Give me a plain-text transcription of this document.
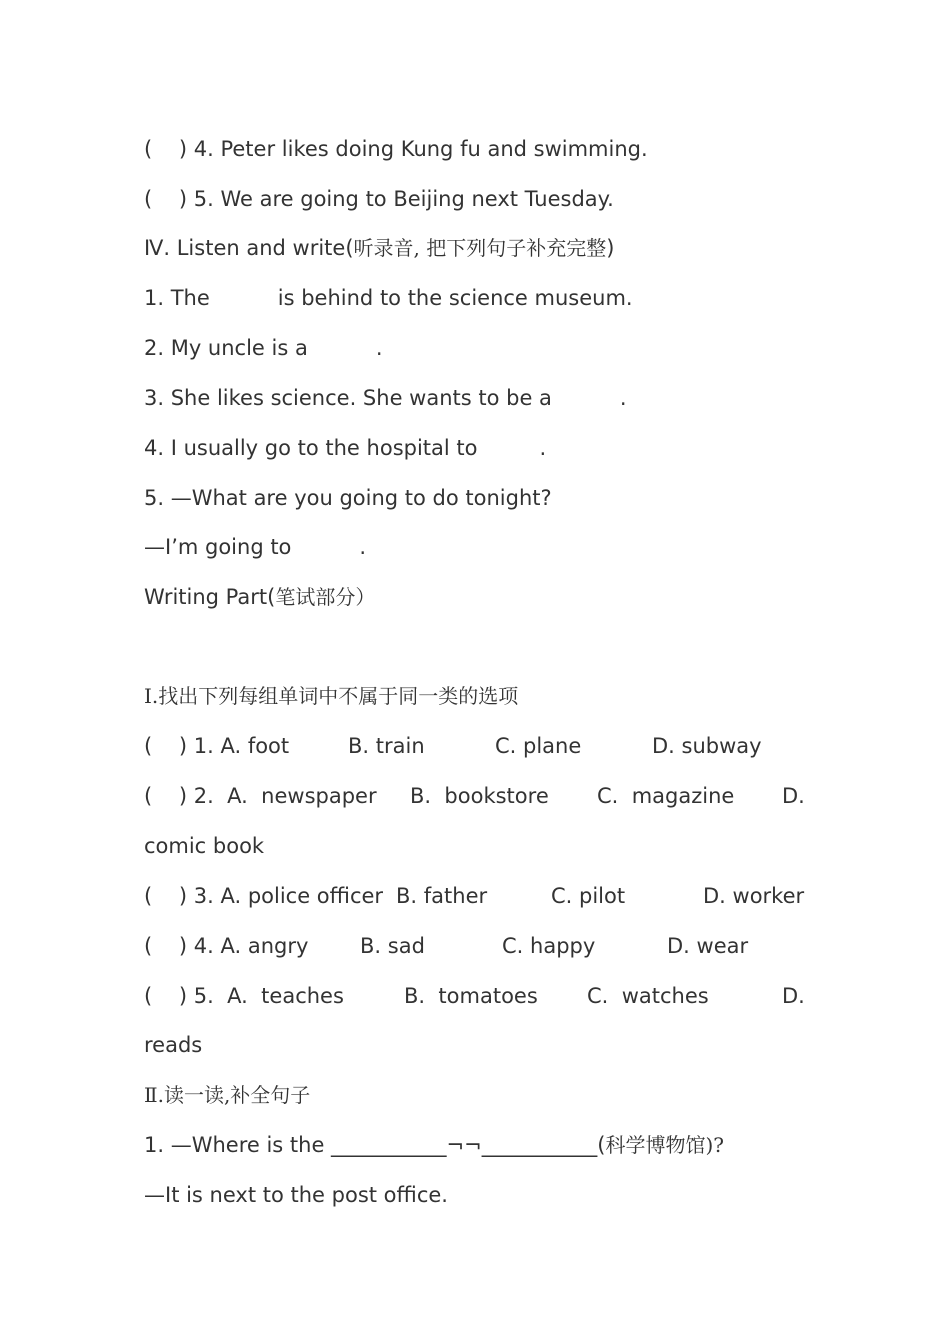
(    ) 4. Peter likes doing Kung fu and swimming.
(    ) 5. We are going to Beijing next Tuesday.
Ⅳ. Listen and write(听录音, 把下列句子补充完整)
1. The	is behind to the science museum.
2. My uncle is a	.
3. She likes science. She wants to be a	.
4. I usually go to the hospital to	.
5. —What are you going to do tonight?
—I’m going to	.
Writing Part(笔试部分）
Ⅰ.找出下列每组单词中不属于同一类的选项
(    ) 1. A. foot	B. train	C. plane	D. subway
(    ) 2.  A.  newspaper B.  bookstore C.  magazine D.
comic book
(    ) 3. A. police officer B. father	C. pilot	D. worker
(    ) 4. A. angry B. sad	C. happy	D. wear
(    ) 5.  A.  teaches	B.  tomatoes C.  watches	D.
reads
Ⅱ.读一读,补全句子
1. —Where is the ___________¬¬___________(科学博物馆)?
—It is next to the post office.
